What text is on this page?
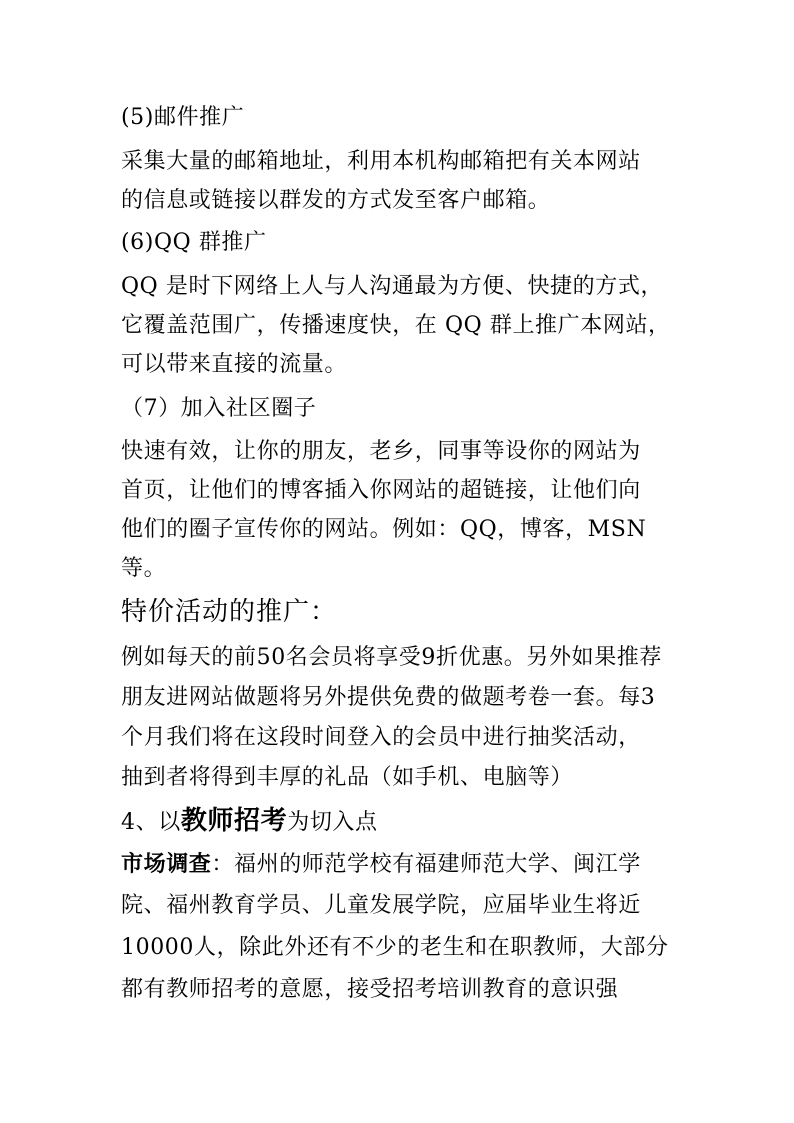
(5)邮件推广
采集大量的邮箱地址，利用本机构邮箱把有关本网站
的信息或链接以群发的方式发至客户邮箱。
(6)QQ 群推广
QQ 是时下网络上人与人沟通最为方便、快捷的方式，
它覆盖范围广，传播速度快，在 QQ 群上推广本网站，
可以带来直接的流量。
（7）加入社区圈子
快速有效，让你的朋友，老乡，同事等设你的网站为
首页，让他们的博客插入你网站的超链接，让他们向
他们的圈子宣传你的网站。例如：QQ，博客，MSN
等。
特价活动的推广：
例如每天的前50名会员将享受9折优惠。另外如果推荐
朋友进网站做题将另外提供免费的做题考卷一套。每3
个月我们将在这段时间登入的会员中进行抽奖活动，
抽到者将得到丰厚的礼品（如手机、电脑等）
4、以教师招考为切入点
市场调查：福州的师范学校有福建师范大学、闽江学
院、福州教育学员、儿童发展学院，应届毕业生将近
10000人，除此外还有不少的老生和在职教师，大部分
都有教师招考的意愿，接受招考培训教育的意识强
